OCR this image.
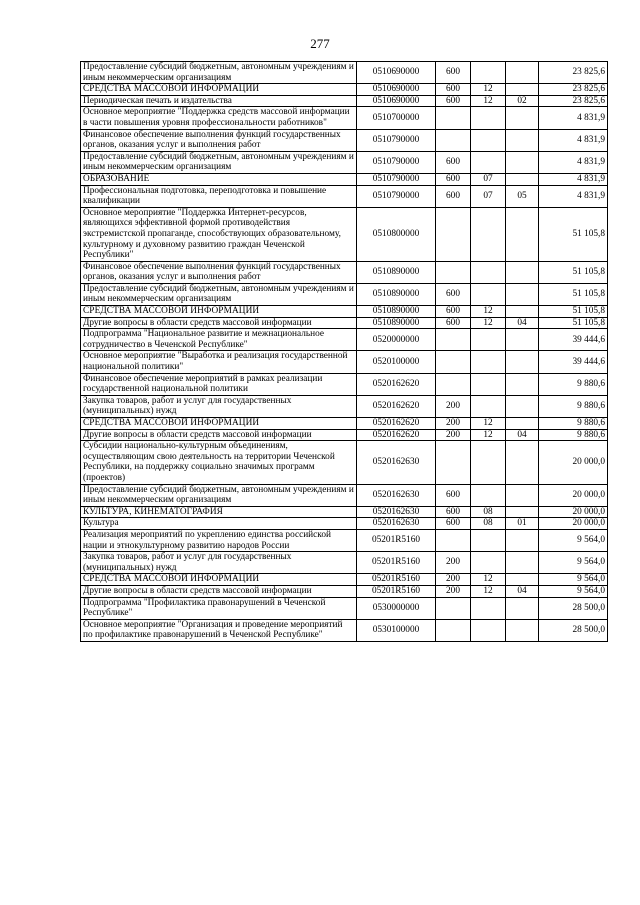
277
Предоставление субсидий бюджетным, автономным учреждениям и иным некоммерческим организациям	0510690000	600			23 825,6
СРЕДСТВА МАССОВОЙ ИНФОРМАЦИИ	0510690000	600	12		23 825,6
Периодическая печать и издательства	0510690000	600	12	02	23 825,6
Основное мероприятие "Поддержка средств массовой информации в части повышения уровня профессиональности работников"	0510700000				4 831,9
Финансовое обеспечение выполнения функций государственных органов, оказания услуг и выполнения работ	0510790000				4 831,9
Предоставление субсидий бюджетным, автономным учреждениям и иным некоммерческим организациям	0510790000	600			4 831,9
ОБРАЗОВАНИЕ	0510790000	600	07		4 831,9
Профессиональная подготовка, переподготовка и повышение квалификации	0510790000	600	07	05	4 831,9
Основное мероприятие "Поддержка Интернет-ресурсов, являющихся эффективной формой противодействия экстремистской пропаганде, способствующих образовательному, культурному и духовному развитию граждан Чеченской Республики"	0510800000				51 105,8
Финансовое обеспечение выполнения функций государственных органов, оказания услуг и выполнения работ	0510890000				51 105,8
Предоставление субсидий бюджетным, автономным учреждениям и иным некоммерческим организациям	0510890000	600			51 105,8
СРЕДСТВА МАССОВОЙ ИНФОРМАЦИИ	0510890000	600	12		51 105,8
Другие вопросы в области средств массовой информации	0510890000	600	12	04	51 105,8
Подпрограмма "Национальное развитие и межнациональное сотрудничество в Чеченской Республике"	0520000000				39 444,6
Основное мероприятие "Выработка и реализация государственной национальной политики"	0520100000				39 444,6
Финансовое обеспечение мероприятий в рамках реализации государственной национальной политики	0520162620				9 880,6
Закупка товаров, работ и услуг для государственных (муниципальных) нужд	0520162620	200			9 880,6
СРЕДСТВА МАССОВОЙ ИНФОРМАЦИИ	0520162620	200	12		9 880,6
Другие вопросы в области средств массовой информации	0520162620	200	12	04	9 880,6
Субсидии национально-культурным объединениям, осуществляющим свою деятельность на территории Чеченской Республики, на поддержку социально значимых программ (проектов)	0520162630				20 000,0
Предоставление субсидий бюджетным, автономным учреждениям и иным некоммерческим организациям	0520162630	600			20 000,0
КУЛЬТУРА, КИНЕМАТОГРАФИЯ	0520162630	600	08		20 000,0
Культура	0520162630	600	08	01	20 000,0
Реализация мероприятий по укреплению единства российской нации и этнокультурному развитию народов России	05201R5160				9 564,0
Закупка товаров, работ и услуг для государственных (муниципальных) нужд	05201R5160	200			9 564,0
СРЕДСТВА МАССОВОЙ ИНФОРМАЦИИ	05201R5160	200	12		9 564,0
Другие вопросы в области средств массовой информации	05201R5160	200	12	04	9 564,0
Подпрограмма "Профилактика правонарушений в Чеченской Республике"	0530000000				28 500,0
Основное мероприятие "Организация и проведение мероприятий по профилактике правонарушений в Чеченской Республике"	0530100000				28 500,0
